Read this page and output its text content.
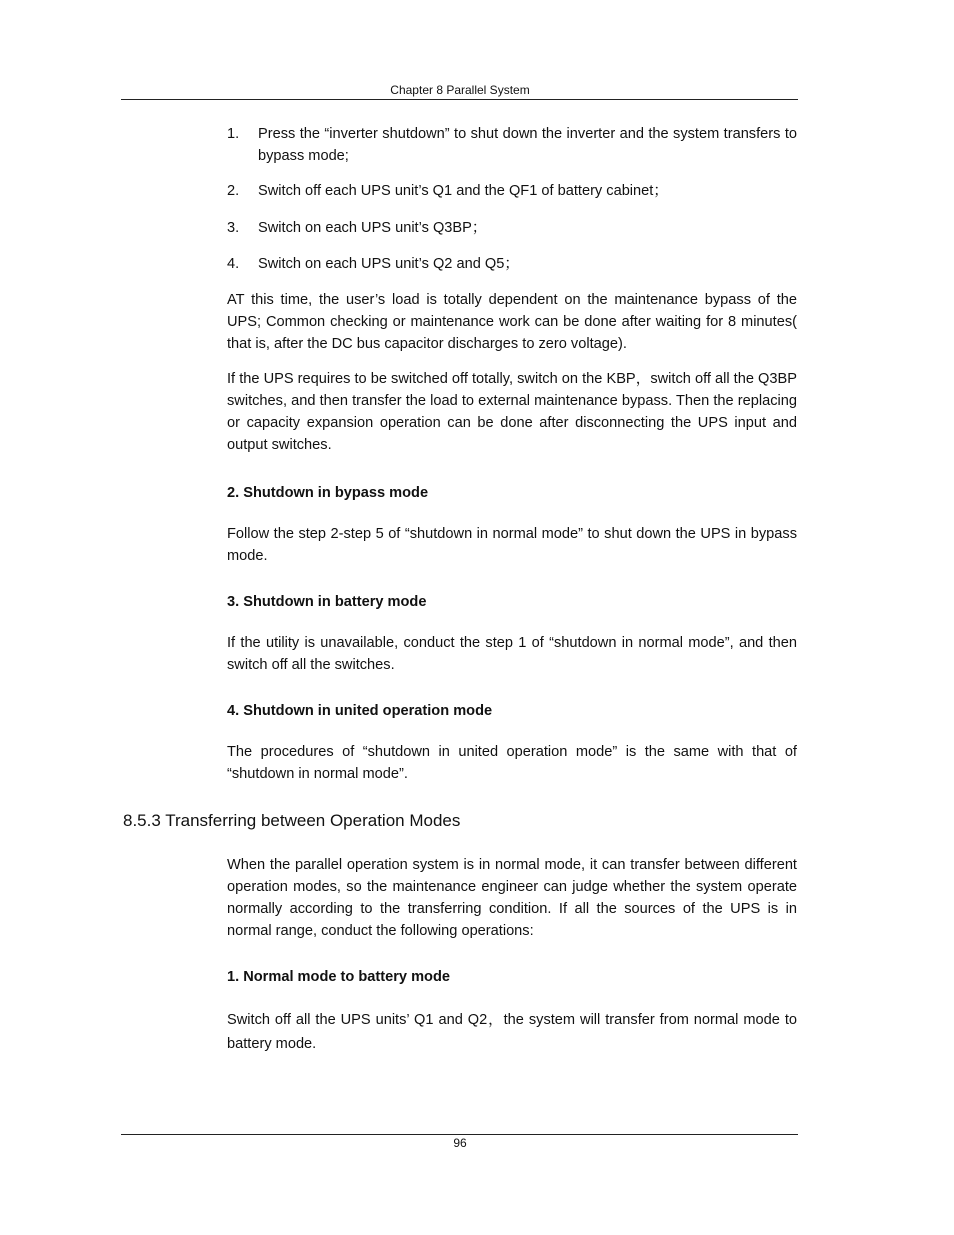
Chapter 8 Parallel System
1. Press the “inverter shutdown” to shut down the inverter and the system transfers to bypass mode;
2. Switch off each UPS unit’s Q1 and the QF1 of battery cabinet；
3. Switch on each UPS unit’s Q3BP；
4. Switch on each UPS unit’s Q2 and Q5；
AT this time, the user’s load is totally dependent on the maintenance bypass of the UPS; Common checking or maintenance work can be done after waiting for 8 minutes( that is, after the DC bus capacitor discharges to zero voltage).
If the UPS requires to be switched off totally, switch on the KBP，switch off all the Q3BP switches, and then transfer the load to external maintenance bypass. Then the replacing or capacity expansion operation can be done after disconnecting the UPS input and output switches.
2. Shutdown in bypass mode
Follow the step 2-step 5 of “shutdown in normal mode” to shut down the UPS in bypass mode.
3. Shutdown in battery mode
If the utility is unavailable, conduct the step 1 of “shutdown in normal mode”, and then switch off all the switches.
4. Shutdown in united operation mode
The procedures of “shutdown in united operation mode” is the same with that of “shutdown in normal mode”.
8.5.3 Transferring between Operation Modes
When the parallel operation system is in normal mode, it can transfer between different operation modes, so the maintenance engineer can judge whether the system operate normally according to the transferring condition. If all the sources of the UPS is in normal range, conduct the following operations:
1. Normal mode to battery mode
Switch off all the UPS units’ Q1 and Q2，the system will transfer from normal mode to battery mode.
96
